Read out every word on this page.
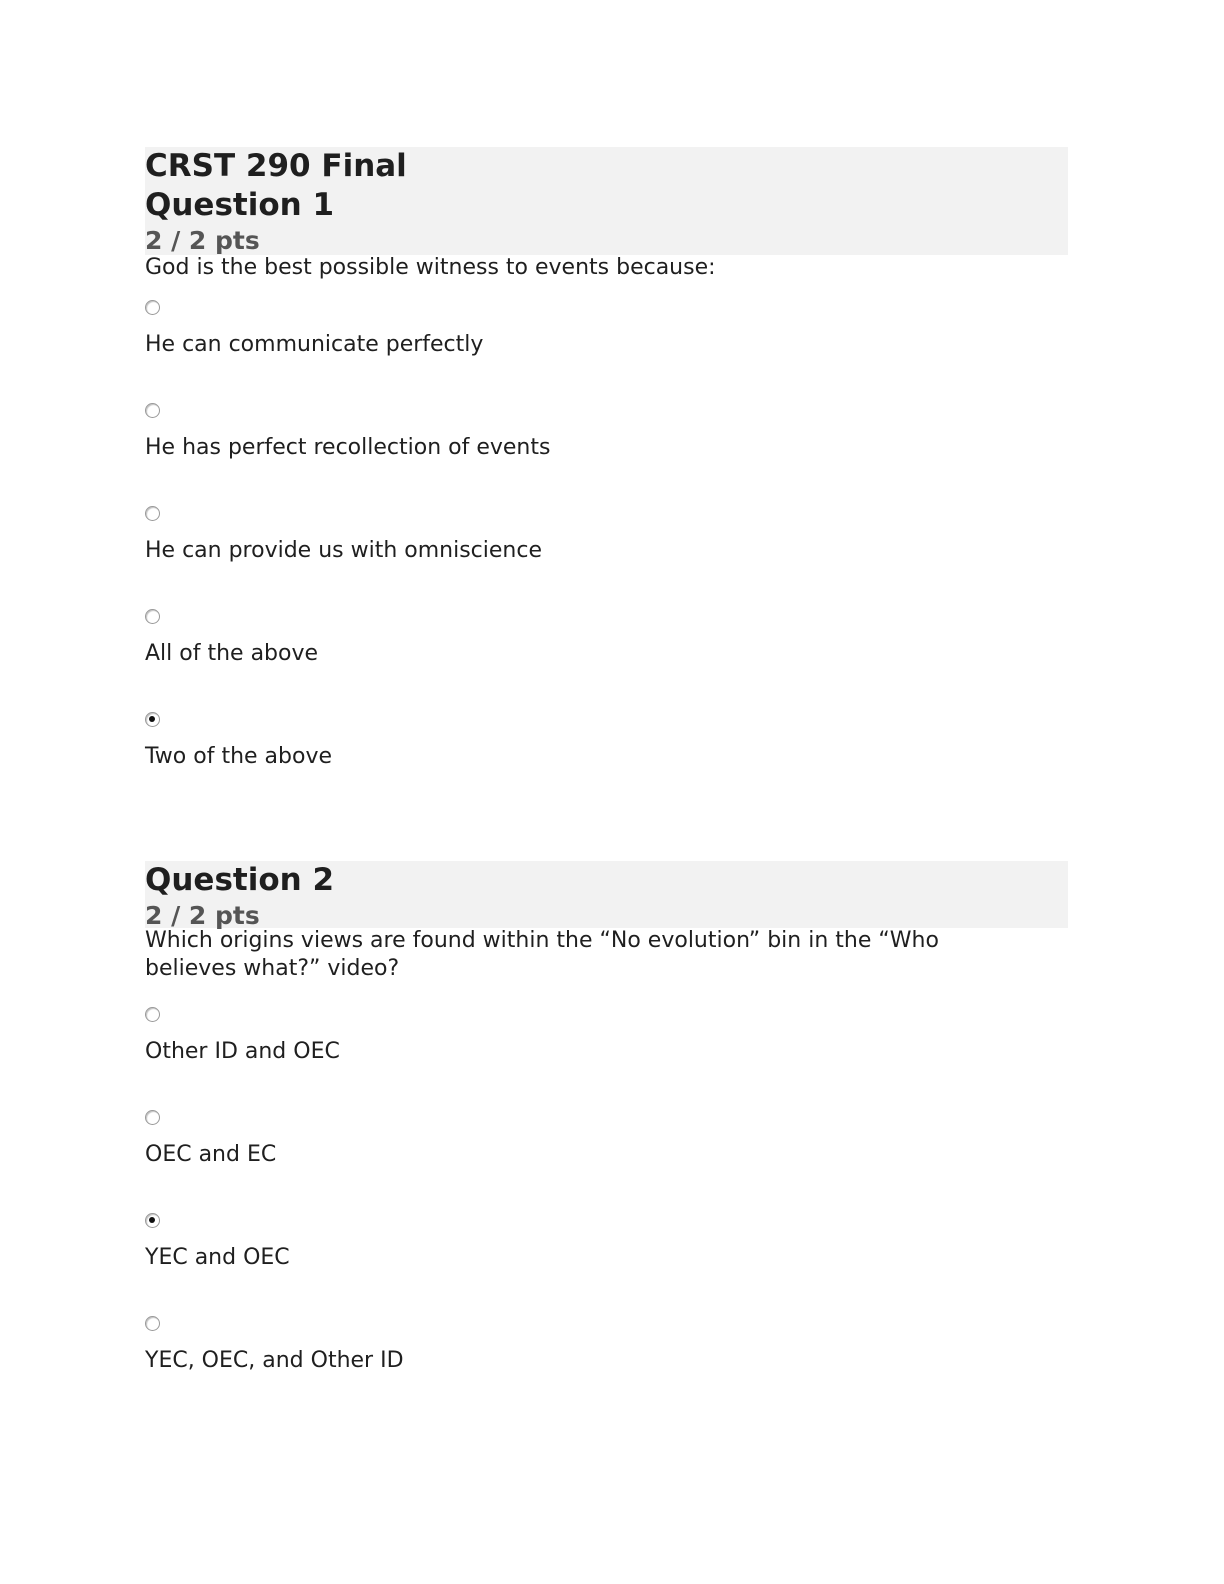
CRST 290 Final
Question 1
2 / 2 pts
God is the best possible witness to events because:
He can communicate perfectly
He has perfect recollection of events
He can provide us with omniscience
All of the above
Two of the above
Question 2
2 / 2 pts
Which origins views are found within the “No evolution” bin in the “Who believes what?” video?
Other ID and OEC
OEC and EC
YEC and OEC
YEC, OEC, and Other ID
